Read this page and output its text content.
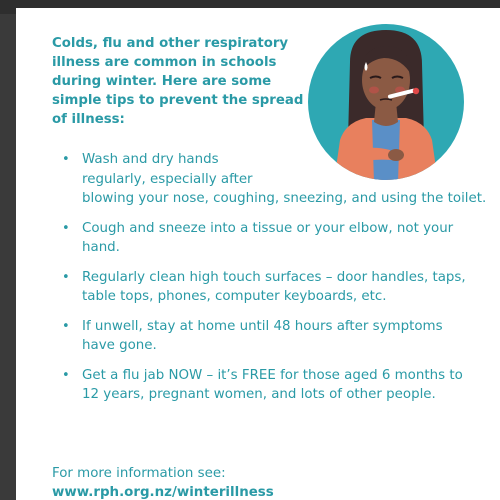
Colds, flu and other respiratory illness are common in schools during winter. Here are some simple tips to prevent the spread of illness:

• Wash and dry hands regularly, especially after
blowing your nose, coughing, sneezing, and using the toilet.
• Cough and sneeze into a tissue or your elbow, not your hand.
• Regularly clean high touch surfaces – door handles, taps, table tops, phones, computer keyboards, etc.
• If unwell, stay at home until 48 hours after symptoms have gone.
• Get a flu jab NOW – it’s FREE for those aged 6 months to 12 years, pregnant women, and lots of other people.

For more information see:

www.rph.org.nz/winterillness
